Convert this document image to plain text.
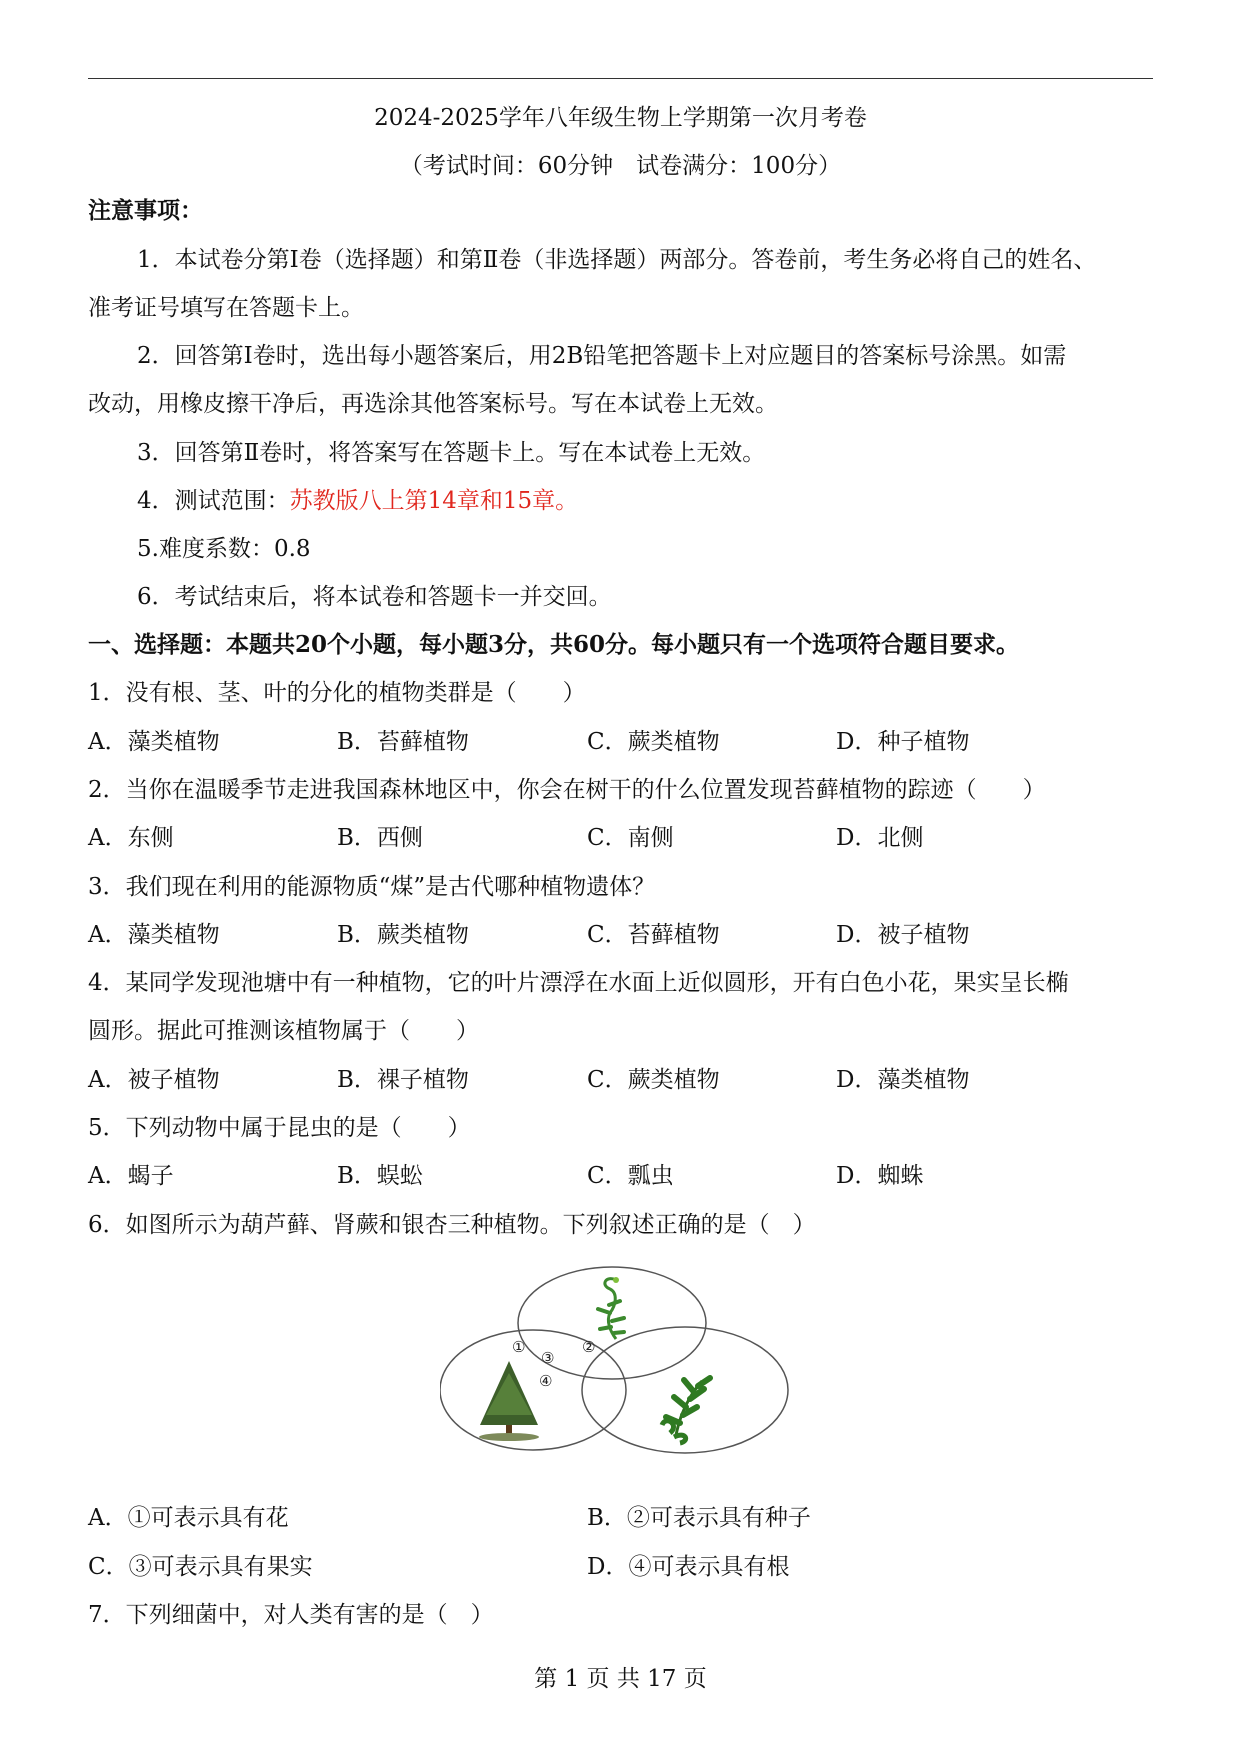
2024-2025学年八年级生物上学期第一次月考卷
（考试时间：60分钟　试卷满分：100分）
注意事项：
1．本试卷分第Ⅰ卷（选择题）和第Ⅱ卷（非选择题）两部分。答卷前，考生务必将自己的姓名、
准考证号填写在答题卡上。
2．回答第Ⅰ卷时，选出每小题答案后，用2B铅笔把答题卡上对应题目的答案标号涂黑。如需
改动，用橡皮擦干净后，再选涂其他答案标号。写在本试卷上无效。
3．回答第Ⅱ卷时，将答案写在答题卡上。写在本试卷上无效。
4．测试范围：苏教版八上第14章和15章。
5.难度系数：0.8
6．考试结束后，将本试卷和答题卡一并交回。
一、选择题：本题共20个小题，每小题3分，共60分。每小题只有一个选项符合题目要求。
1．没有根、茎、叶的分化的植物类群是（　　）
A．藻类植物	B．苔藓植物	C．蕨类植物	D．种子植物
2．当你在温暖季节走进我国森林地区中，你会在树干的什么位置发现苔藓植物的踪迹（　　）
A．东侧	B．西侧	C．南侧	D．北侧
3．我们现在利用的能源物质“煤”是古代哪种植物遗体？
A．藻类植物	B．蕨类植物	C．苔藓植物	D．被子植物
4．某同学发现池塘中有一种植物，它的叶片漂浮在水面上近似圆形，开有白色小花，果实呈长椭
圆形。据此可推测该植物属于（　　）
A．被子植物	B．裸子植物	C．蕨类植物	D．藻类植物
5．下列动物中属于昆虫的是（　　）
A．蝎子	B．蜈蚣	C．瓢虫	D．蜘蛛
6．如图所示为葫芦藓、肾蕨和银杏三种植物。下列叙述正确的是（　）
①	②
③
④
A．①可表示具有花	B．②可表示具有种子
C．③可表示具有果实	D．④可表示具有根
7．下列细菌中，对人类有害的是（　）
第 1 页 共 17 页
